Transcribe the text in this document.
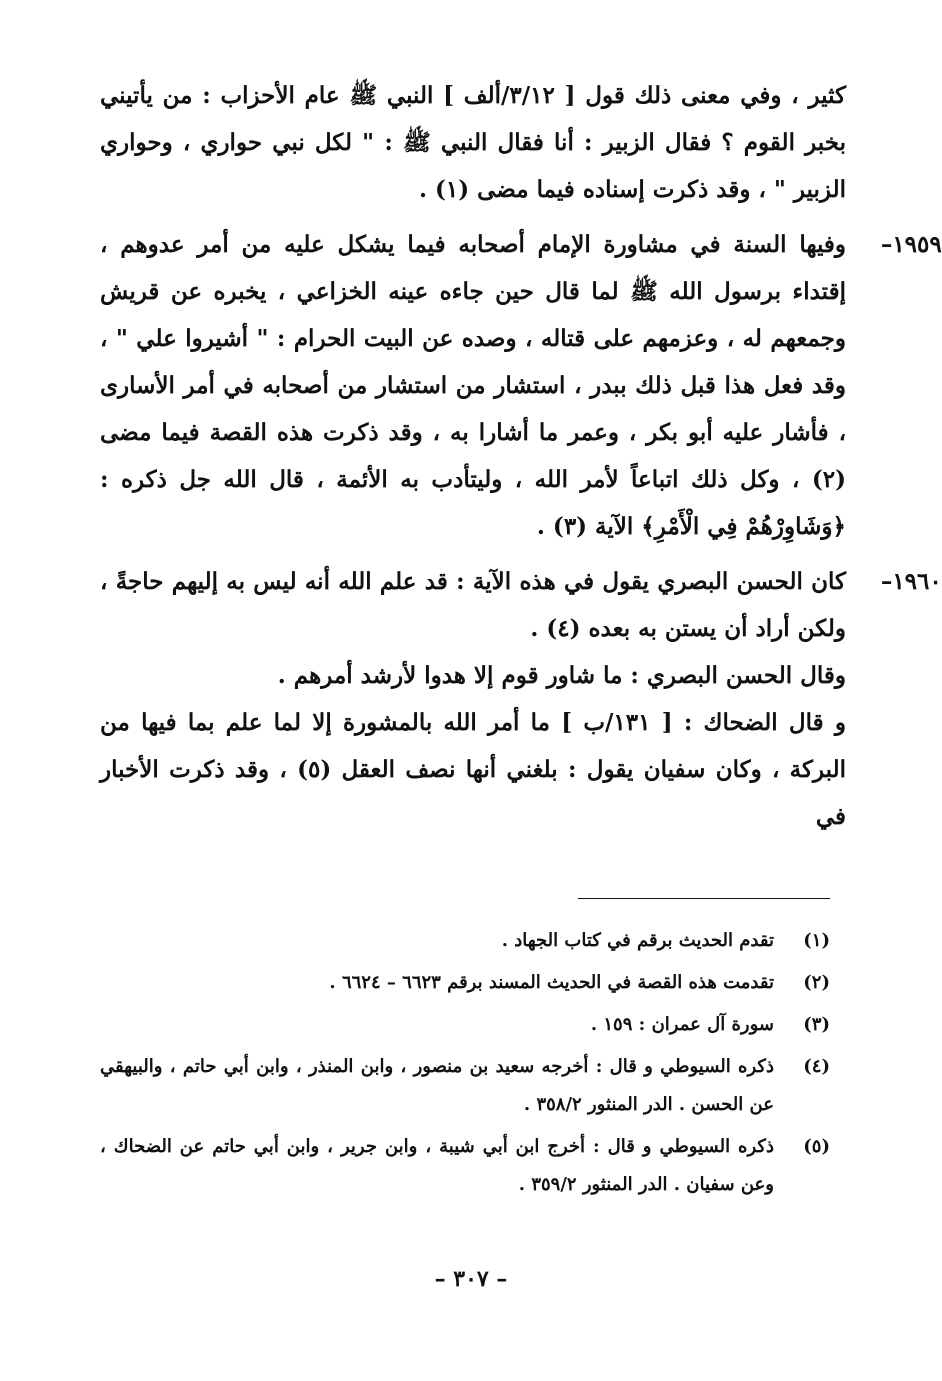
كثير ، وفي معنى ذلك قول [ ٣/١٢/ألف ] النبي ﷺ عام الأحزاب : من يأتيني بخبر القوم ؟ فقال الزبير : أنا فقال النبي ﷺ : " لكل نبي حواري ، وحواري الزبير " ، وقد ذكرت إسناده فيما مضى (١) .

١٩٥٩–
وفيها السنة في مشاورة الإمام أصحابه فيما يشكل عليه من أمر عدوهم ، إقتداء برسول الله ﷺ لما قال حين جاءه عينه الخزاعي ، يخبره عن قريش وجمعهم له ، وعزمهم على قتاله ، وصده عن البيت الحرام : " أشيروا علي " ، وقد فعل هذا قبل ذلك ببدر ، استشار من استشار من أصحابه في أمر الأسارى ، فأشار عليه أبو بكر ، وعمر ما أشارا به ، وقد ذكرت هذه القصة فيما مضى (٢) ، وكل ذلك اتباعاً لأمر الله ، وليتأدب به الأئمة ، قال الله جل ذكره : ﴿وَشَاوِرْهُمْ فِي الْأَمْرِ﴾ الآية (٣) .

١٩٦٠–
كان الحسن البصري يقول في هذه الآية : قد علم الله أنه ليس به إليهم حاجةً ، ولكن أراد أن يستن به بعده (٤) .

وقال الحسن البصري : ما شاور قوم إلا هدوا لأرشد أمرهم .

و قال الضحاك : [ ١٣١/ب ] ما أمر الله بالمشورة إلا لما علم بما فيها من البركة ، وكان سفيان يقول : بلغني أنها نصف العقل (٥) ، وقد ذكرت الأخبار في

(١)
تقدم الحديث برقم في كتاب الجهاد .

(٢)
تقدمت هذه القصة في الحديث المسند برقم ٦٦٢٣ – ٦٦٢٤ .

(٣)
سورة آل عمران : ١٥٩ .

(٤)
ذكره السيوطي و قال : أخرجه سعيد بن منصور ، وابن المنذر ، وابن أبي حاتم ، والبيهقي عن الحسن . الدر المنثور ٣٥٨/٢ .

(٥)
ذكره السيوطي و قال : أخرج ابن أبي شيبة ، وابن جرير ، وابن أبي حاتم عن الضحاك ، وعن سفيان . الدر المنثور ٣٥٩/٢ .

– ٣٠٧ –
